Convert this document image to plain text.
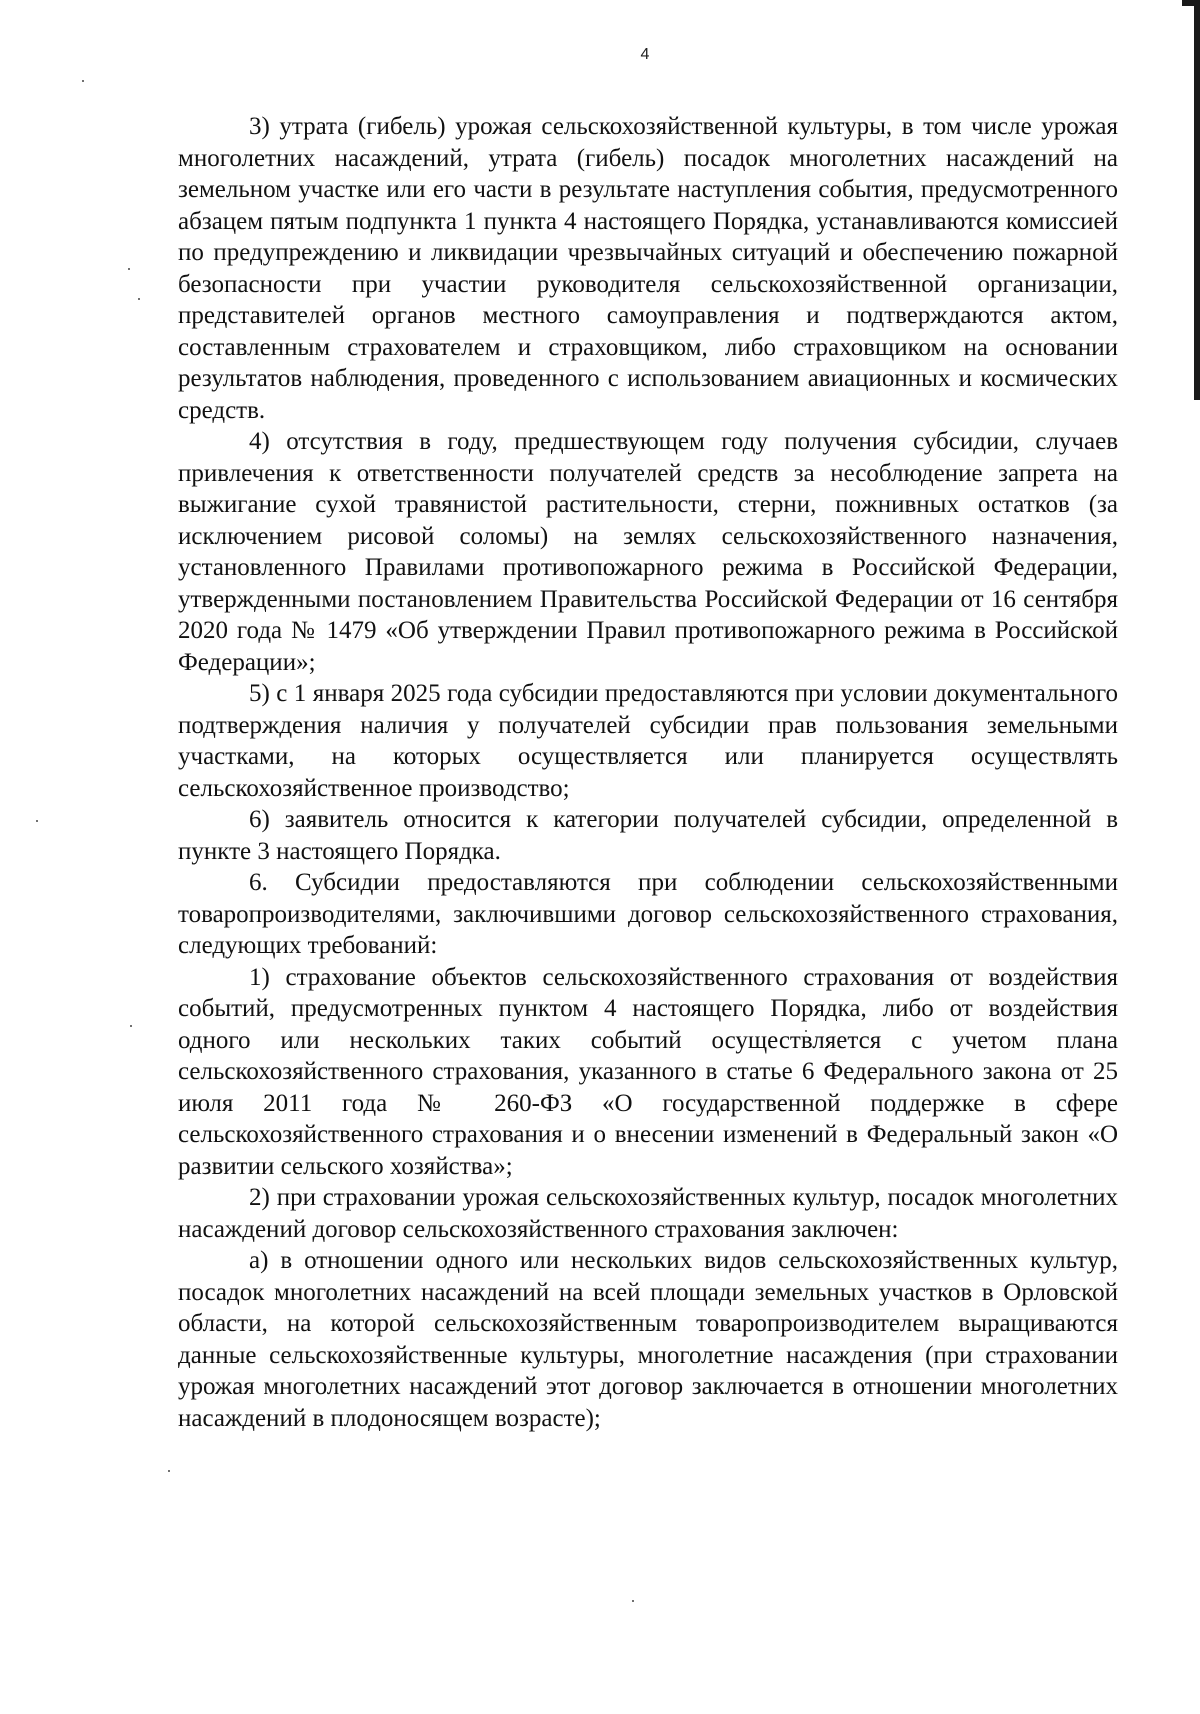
4

3) утрата (гибель) урожая сельскохозяйственной культуры, в том числе урожая многолетних насаждений, утрата (гибель) посадок многолетних насаждений на земельном участке или его части в результате наступления события, предусмотренного абзацем пятым подпункта 1 пункта 4 настоящего Порядка, устанавливаются комиссией по предупреждению и ликвидации чрезвычайных ситуаций и обеспечению пожарной безопасности при участии руководителя сельскохозяйственной организации, представителей органов местного самоуправления и подтверждаются актом, составленным страхователем и страховщиком, либо страховщиком на основании результатов наблюдения, проведенного с использованием авиационных и космических средств.

4) отсутствия в году, предшествующем году получения субсидии, случаев привлечения к ответственности получателей средств за несоблюдение запрета на выжигание сухой травянистой растительности, стерни, пожнивных остатков (за исключением рисовой соломы) на землях сельскохозяйственного назначения, установленного Правилами противопожарного режима в Российской Федерации, утвержденными постановлением Правительства Российской Федерации от 16 сентября 2020 года № 1479 «Об утверждении Правил противопожарного режима в Российской Федерации»;

5) с 1 января 2025 года субсидии предоставляются при условии документального подтверждения наличия у получателей субсидии прав пользования земельными участками, на которых осуществляется или планируется осуществлять сельскохозяйственное производство;

6) заявитель относится к категории получателей субсидии, определенной в пункте 3 настоящего Порядка.

6. Субсидии предоставляются при соблюдении сельскохозяйственными товаропроизводителями, заключившими договор сельскохозяйственного страхования, следующих требований:

1) страхование объектов сельскохозяйственного страхования от воздействия событий, предусмотренных пунктом 4 настоящего Порядка, либо от воздействия одного или нескольких таких событий осуществляется с учетом плана сельскохозяйственного страхования, указанного в статье 6 Федерального закона от 25 июля 2011 года № 260-ФЗ «О государственной поддержке в сфере сельскохозяйственного страхования и о внесении изменений в Федеральный закон «О развитии сельского хозяйства»;

2) при страховании урожая сельскохозяйственных культур, посадок многолетних насаждений договор сельскохозяйственного страхования заключен:

а) в отношении одного или нескольких видов сельскохозяйственных культур, посадок многолетних насаждений на всей площади земельных участков в Орловской области, на которой сельскохозяйственным товаропроизводителем выращиваются данные сельскохозяйственные культуры, многолетние насаждения (при страховании урожая многолетних насаждений этот договор заключается в отношении многолетних насаждений в плодоносящем возрасте);
